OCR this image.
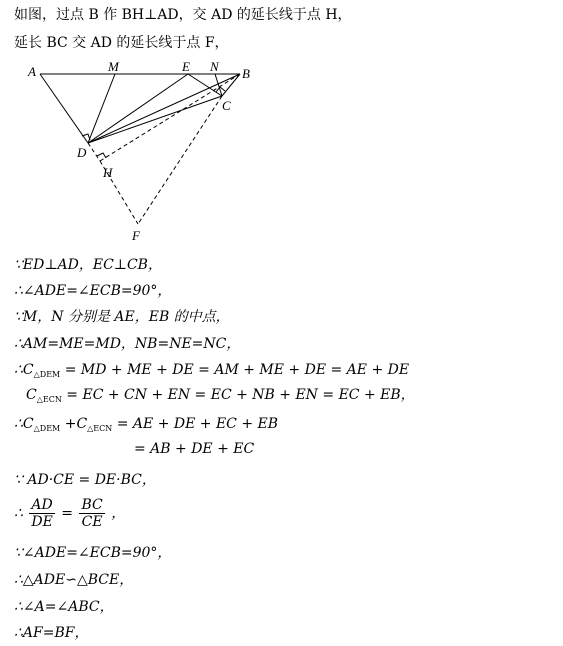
如图，过点 B 作 BH⊥AD，交 AD 的延长线于点 H，
延长 BC 交 AD 的延长线于点 F，
A	M	E N B
C
D
H
F
∵ED⊥AD，EC⊥CB，
∴∠ADE=∠ECB=90°，
∵M，N 分别是 AE，EB 的中点，
∴AM=ME=MD，NB=NE=NC，
$\therefore C_{\triangle DEM}$ = MD + ME + DE = AM + ME + DE = AE + DE
$C_{\triangle ECN}$ = EC + CN + EN = EC + NB + EN = EC + EB，
$\therefore C_{\triangle DEM} +C_{\triangle ECN}$ = AE + DE + EC + EB
= AB + DE + EC
∵ AD·CE = DE·BC，
∴ $\frac{AD}{DE} = \frac{BC}{CE}$ ，
∵∠ADE=∠ECB=90°，
∴△ADE∽△BCE，
∴∠A=∠ABC，
∴AF=BF，
